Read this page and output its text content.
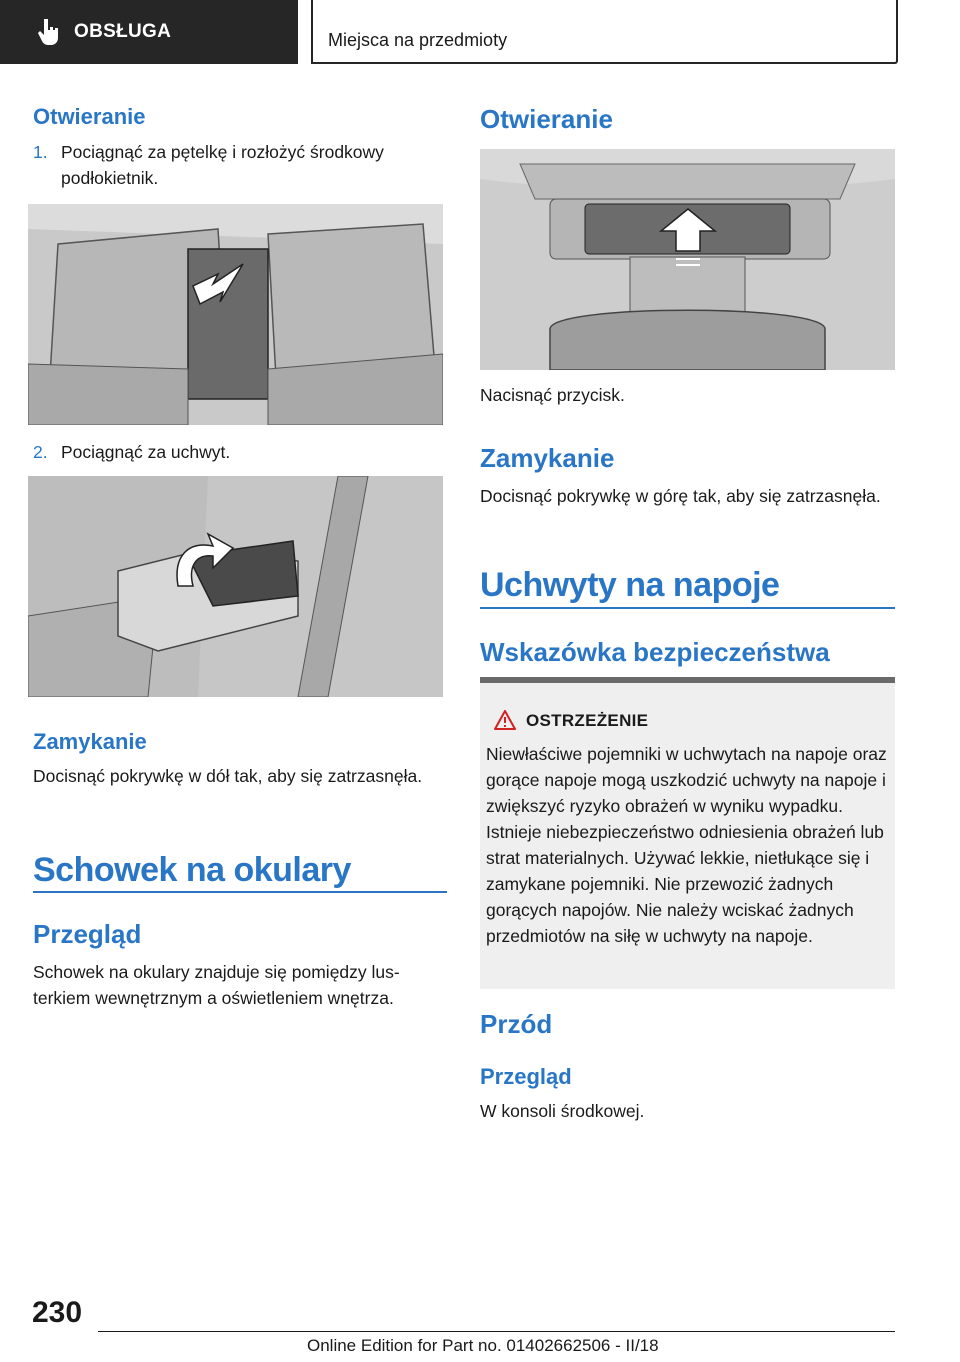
OBSŁUGA	Miejsca na przedmioty
Otwieranie
1. Pociągnąć za pętelkę i rozłożyć środkowy podłokietnik.
2. Pociągnąć za uchwyt.
Zamykanie
Docisnąć pokrywkę w dół tak, aby się zatrzasnęła.
Schowek na okulary
Przegląd
Schowek na okulary znajduje się pomiędzy lusterkiem wewnętrznym a oświetleniem wnętrza.
Otwieranie
Nacisnąć przycisk.
Zamykanie
Docisnąć pokrywkę w górę tak, aby się zatrzasnęła.
Uchwyty na napoje
Wskazówka bezpieczeństwa
OSTRZEŻENIE
Niewłaściwe pojemniki w uchwytach na napoje oraz gorące napoje mogą uszkodzić uchwyty na napoje i zwiększyć ryzyko obrażeń w wyniku wypadku. Istnieje niebezpieczeństwo odniesienia obrażeń lub strat materialnych. Używać lekkie, nietłukące się i zamykane pojemniki. Nie przewozić żadnych gorących napojów. Nie należy wciskać żadnych przedmiotów na siłę w uchwyty na napoje.
Przód
Przegląd
W konsoli środkowej.
230
Online Edition for Part no. 01402662506 - II/18
